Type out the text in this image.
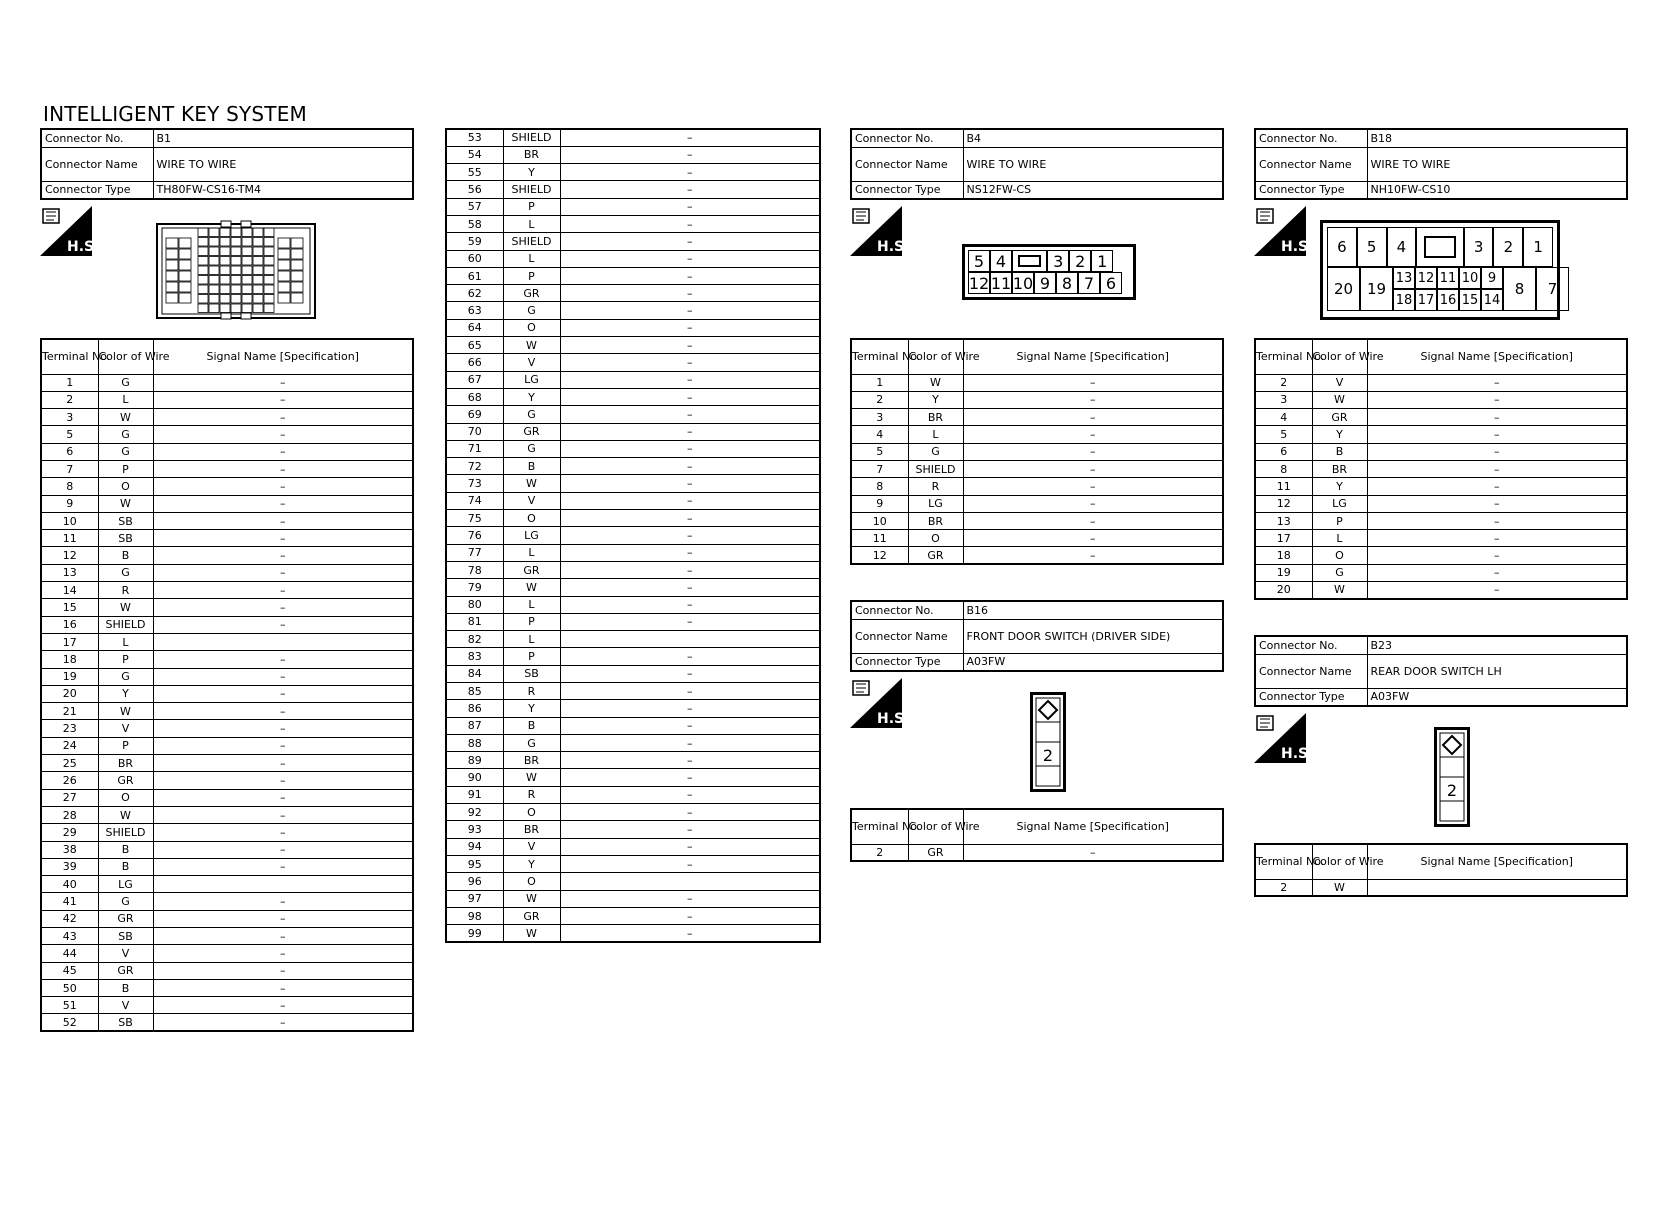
INTELLIGENT KEY SYSTEM
Connector No.	B1
Connector Name	WIRE TO WIRE
Connector Type	TH80FW-CS16-TM4
H.S.
Terminal No.	Color of Wire	Signal Name [Specification]
1	G	–
2	L	–
3	W	–
5	G	–
6	G	–
7	P	–
8	O	–
9	W	–
10	SB	–
11	SB	–
12	B	–
13	G	–
14	R	–
15	W	–
16	SHIELD	–
17	L	
18	P	–
19	G	–
20	Y	–
21	W	–
23	V	–
24	P	–
25	BR	–
26	GR	–
27	O	–
28	W	–
29	SHIELD	–
38	B	–
39	B	–
40	LG	
41	G	–
42	GR	–
43	SB	–
44	V	–
45	GR	–
50	B	–
51	V	–
52	SB	–
53	SHIELD	–
54	BR	–
55	Y	–
56	SHIELD	–
57	P	–
58	L	–
59	SHIELD	–
60	L	–
61	P	–
62	GR	–
63	G	–
64	O	–
65	W	–
66	V	–
67	LG	–
68	Y	–
69	G	–
70	GR	–
71	G	–
72	B	–
73	W	–
74	V	–
75	O	–
76	LG	–
77	L	–
78	GR	–
79	W	–
80	L	–
81	P	–
82	L	
83	P	–
84	SB	–
85	R	–
86	Y	–
87	B	–
88	G	–
89	BR	–
90	W	–
91	R	–
92	O	–
93	BR	–
94	V	–
95	Y	–
96	O	
97	W	–
98	GR	–
99	W	–
Connector No.	B4
Connector Name	WIRE TO WIRE
Connector Type	NS12FW-CS
H.S.
5 4	3 2 1
12 11 10 9 8 7 6
Terminal No.	Color of Wire	Signal Name [Specification]
1	W	–
2	Y	–
3	BR	–
4	L	–
5	G	–
7	SHIELD	–
8	R	–
9	LG	–
10	BR	–
11	O	–
12	GR	–
Connector No.	B16
Connector Name	FRONT DOOR SWITCH (DRIVER SIDE)
Connector Type	A03FW
H.S.
2
Terminal No.	Color of Wire	Signal Name [Specification]
2	GR	–
Connector No.	B18
Connector Name	WIRE TO WIRE
Connector Type	NH10FW-CS10
H.S.	6	5	4	3	2	1
20 19
13 12 11 10 9
18 17 16 15 14
8	7
Terminal No.	Color of Wire	Signal Name [Specification]
2	V	–
3	W	–
4	GR	–
5	Y	–
6	B	–
8	BR	–
11	Y	–
12	LG	–
13	P	–
17	L	–
18	O	–
19	G	–
20	W	–
Connector No.	B23
Connector Name	REAR DOOR SWITCH LH
Connector Type	A03FW
H.S.
2
Terminal No.	Color of Wire	Signal Name [Specification]
2	W	
